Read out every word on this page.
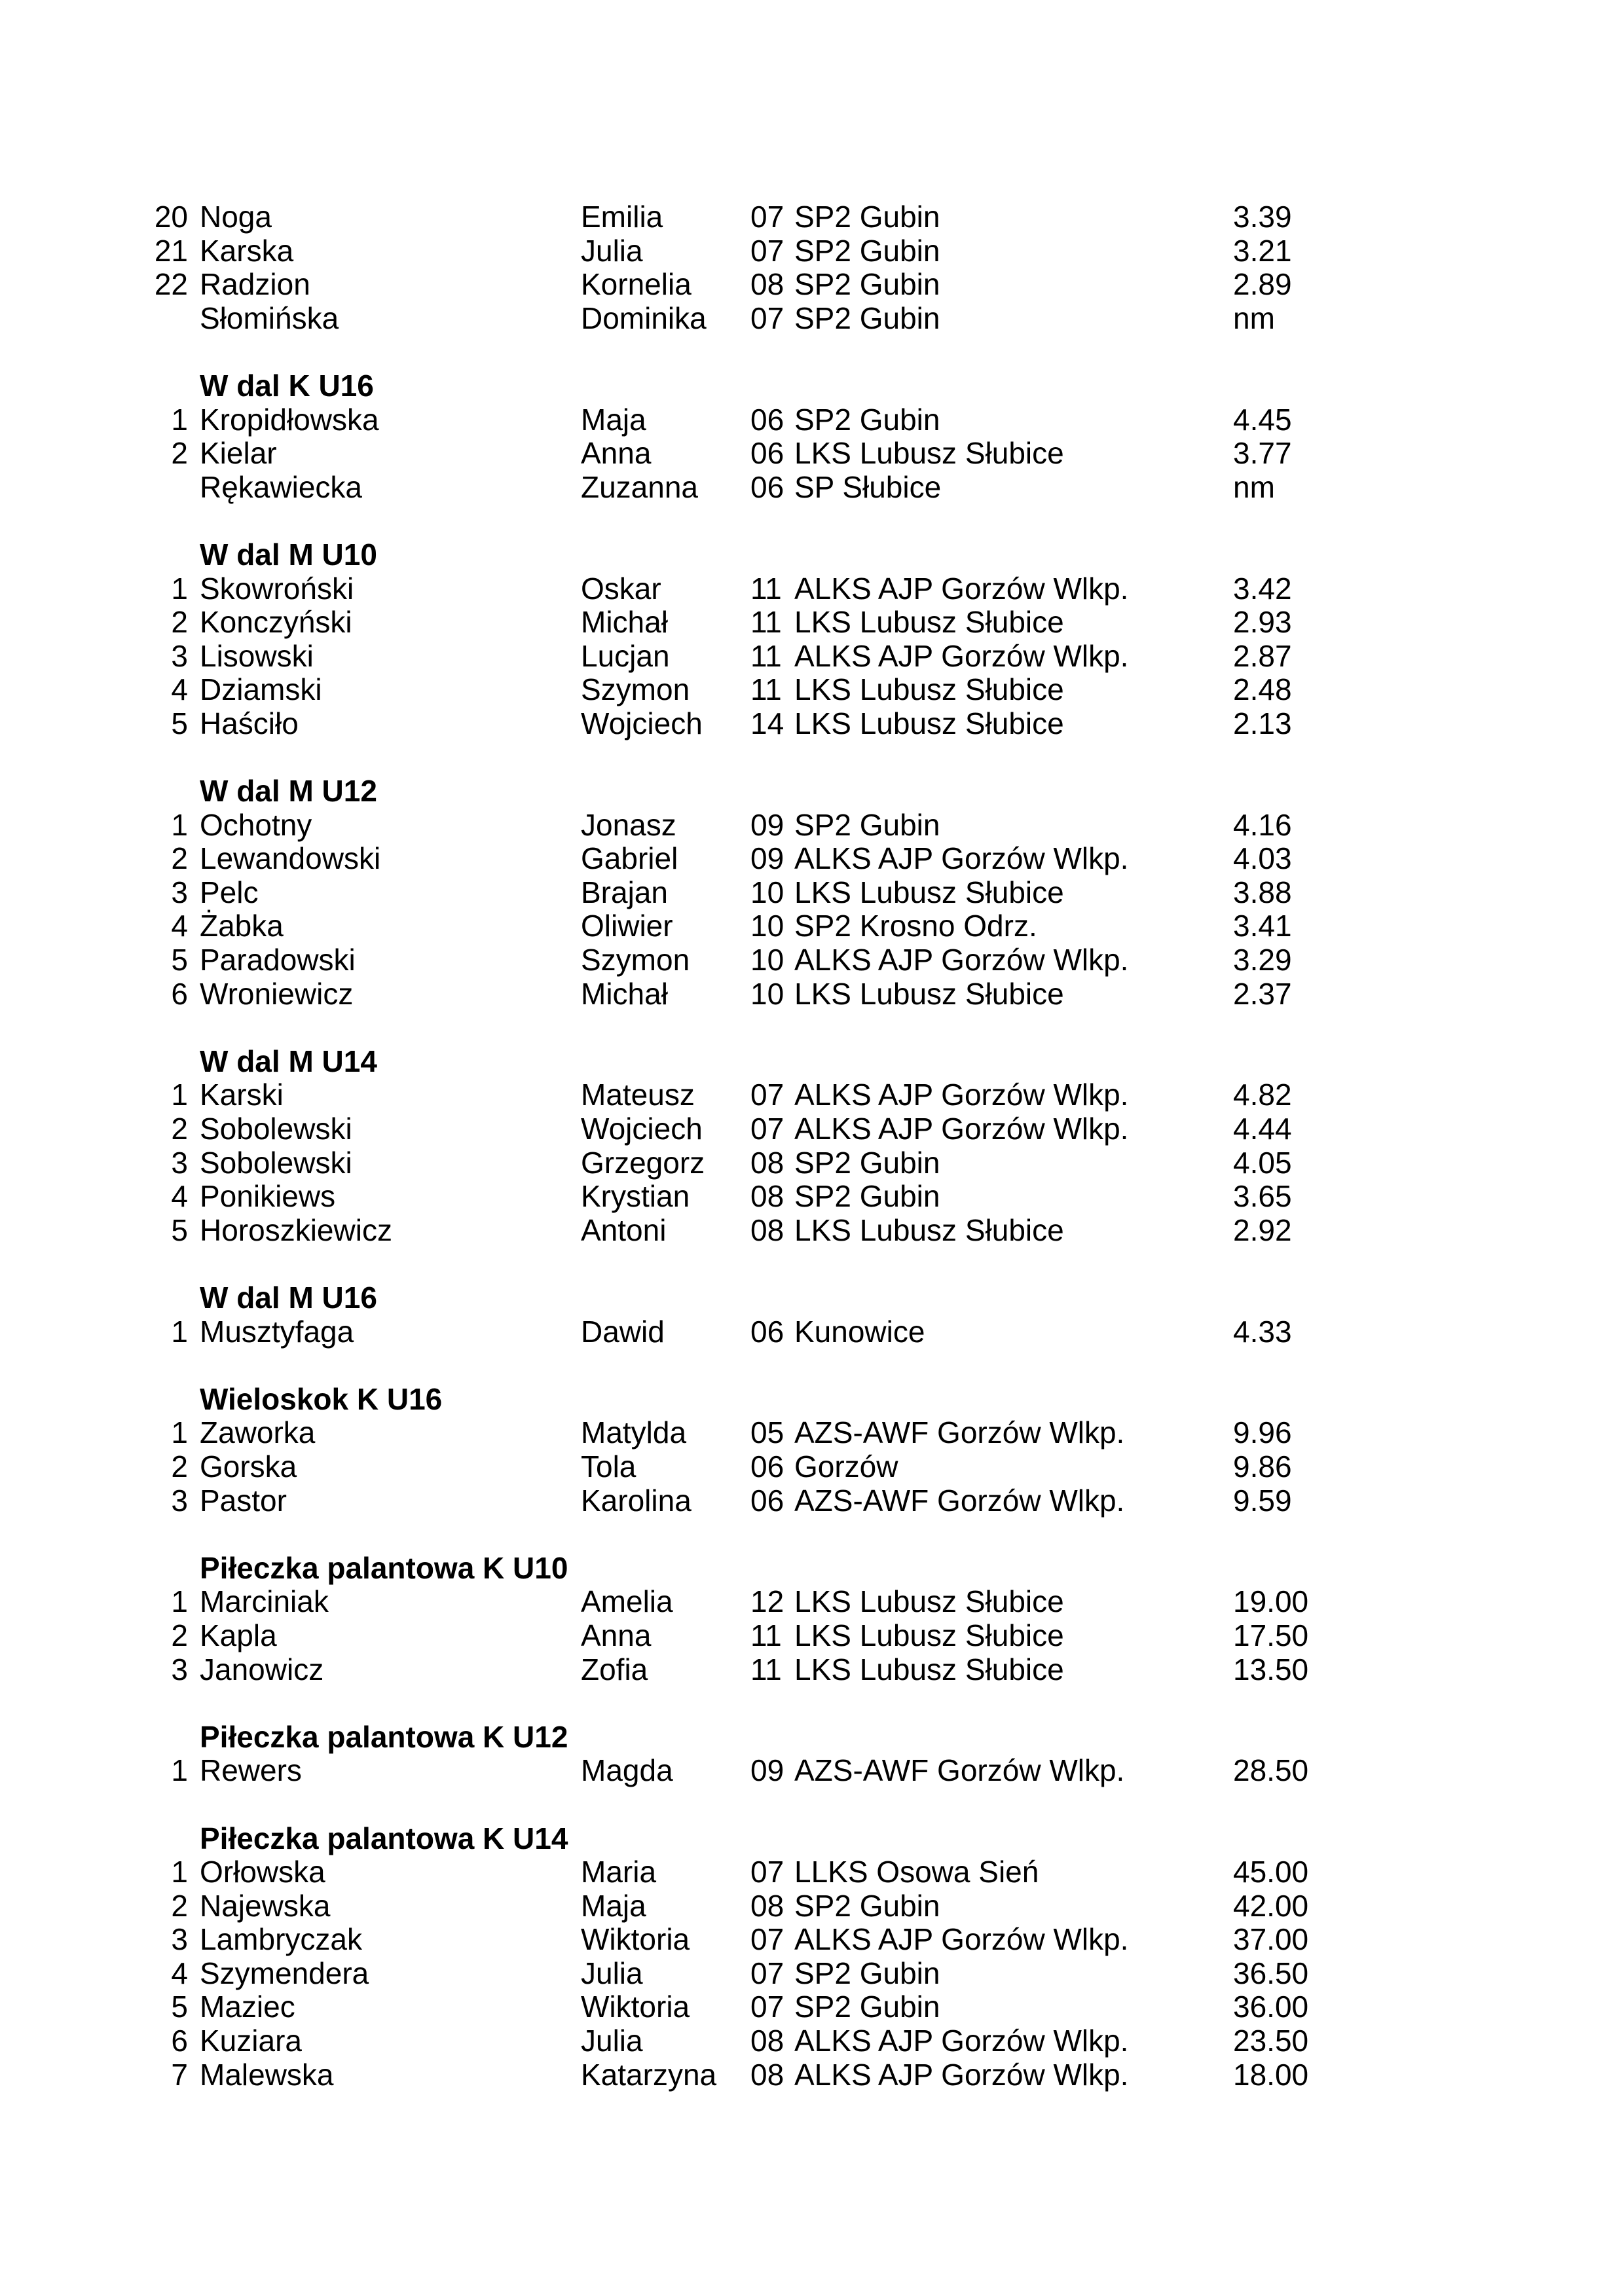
20 Noga	Emilia	07 SP2 Gubin	3.39
21 Karska	Julia	07 SP2 Gubin	3.21
22 Radzion	Kornelia 08 SP2 Gubin	2.89
Słomińska	Dominika 07 SP2 Gubin	nm
W dal K U16
1 Kropidłowska	Maja	06 SP2 Gubin	4.45
2 Kielar	Anna	06 LKS Lubusz Słubice	3.77
Rękawiecka	Zuzanna 06 SP Słubice	nm
W dal M U10
1 Skowroński	Oskar	11 ALKS AJP Gorzów Wlkp.	3.42
2 Konczyński	Michał	11 LKS Lubusz Słubice	2.93
3 Lisowski	Lucjan	11 ALKS AJP Gorzów Wlkp.	2.87
4 Dziamski	Szymon 11 LKS Lubusz Słubice	2.48
5 Haściło	Wojciech 14 LKS Lubusz Słubice	2.13
W dal M U12
1 Ochotny	Jonasz 09 SP2 Gubin	4.16
2 Lewandowski	Gabriel 09 ALKS AJP Gorzów Wlkp.	4.03
3 Pelc	Brajan	10 LKS Lubusz Słubice	3.88
4 Żabka	Oliwier	10 SP2 Krosno Odrz.	3.41
5 Paradowski	Szymon 10 ALKS AJP Gorzów Wlkp.	3.29
6 Wroniewicz	Michał	10 LKS Lubusz Słubice	2.37
W dal M U14
1 Karski	Mateusz 07 ALKS AJP Gorzów Wlkp.	4.82
2 Sobolewski	Wojciech 07 ALKS AJP Gorzów Wlkp.	4.44
3 Sobolewski	Grzegorz 08 SP2 Gubin	4.05
4 Ponikiews	Krystian 08 SP2 Gubin	3.65
5 Horoszkiewicz	Antoni	08 LKS Lubusz Słubice	2.92
W dal M U16
1 Musztyfaga	Dawid	06 Kunowice	4.33
Wieloskok K U16
1 Zaworka	Matylda 05 AZS-AWF Gorzów Wlkp.	9.96
2 Gorska	Tola	06 Gorzów	9.86
3 Pastor	Karolina 06 AZS-AWF Gorzów Wlkp.	9.59
Piłeczka palantowa K U10
1 Marciniak	Amelia	12 LKS Lubusz Słubice	19.00
2 Kapla	Anna	11 LKS Lubusz Słubice	17.50
3 Janowicz	Zofia	11 LKS Lubusz Słubice	13.50
Piłeczka palantowa K U12
1 Rewers	Magda	09 AZS-AWF Gorzów Wlkp.	28.50
Piłeczka palantowa K U14
1 Orłowska	Maria	07 LLKS Osowa Sień	45.00
2 Najewska	Maja	08 SP2 Gubin	42.00
3 Lambryczak	Wiktoria 07 ALKS AJP Gorzów Wlkp.	37.00
4 Szymendera	Julia	07 SP2 Gubin	36.50
5 Maziec	Wiktoria 07 SP2 Gubin	36.00
6 Kuziara	Julia	08 ALKS AJP Gorzów Wlkp.	23.50
7 Malewska	Katarzyna 08 ALKS AJP Gorzów Wlkp.	18.00
